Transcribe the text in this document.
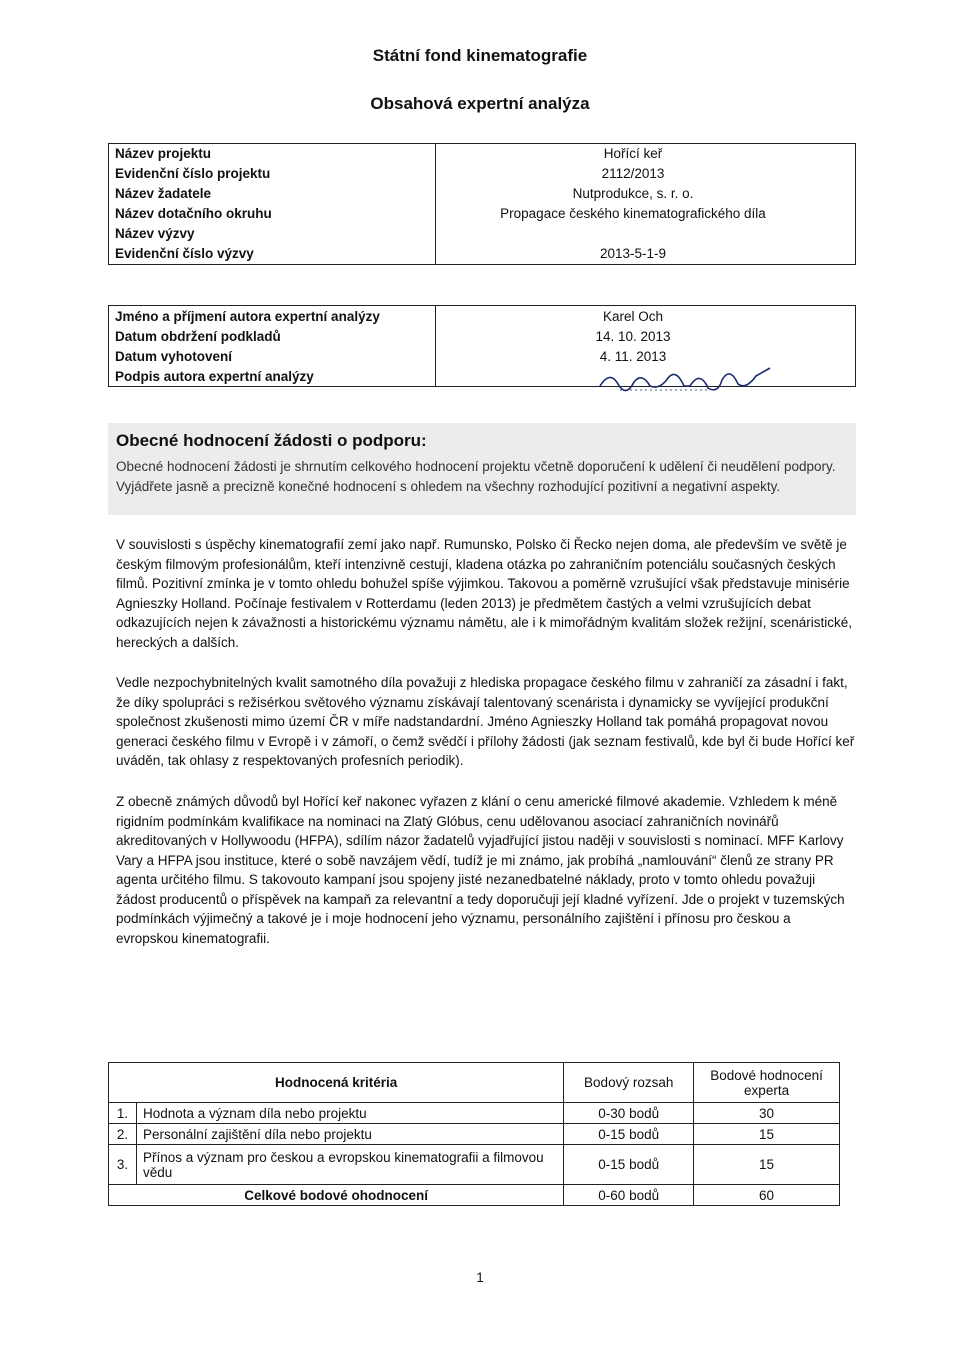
Státní fond kinematografie
Obsahová expertní analýza
Název projektu	Hořící keř
Evidenční číslo projektu	2112/2013
Název žadatele	Nutprodukce, s. r. o.
Název dotačního okruhu	Propagace českého kinematografického díla
Název výzvy
Evidenční číslo výzvy	2013-5-1-9
Jméno a příjmení autora expertní analýzy	Karel Och
Datum obdržení podkladů	14. 10. 2013
Datum vyhotovení	4. 11. 2013
Podpis autora expertní analýzy
Obecné hodnocení žádosti o podporu:
Obecné hodnocení žádosti je shrnutím celkového hodnocení projektu včetně doporučení k udělení či neudělení podpory. Vyjádřete jasně a precizně konečné hodnocení s ohledem na všechny rozhodující pozitivní a negativní aspekty.
V souvislosti s úspěchy kinematografií zemí jako např. Rumunsko, Polsko či Řecko nejen doma, ale především ve světě je českým filmovým profesionálům, kteří intenzivně cestují, kladena otázka po zahraničním potenciálu současných českých filmů. Pozitivní zmínka je v tomto ohledu bohužel spíše výjimkou. Takovou a poměrně vzrušující však představuje minisérie Agnieszky Holland. Počínaje festivalem v Rotterdamu (leden 2013) je předmětem častých a velmi vzrušujících debat odkazujících nejen k závažnosti a historickému významu námětu, ale i k mimořádným kvalitám složek režijní, scenáristické, hereckých a dalších.
Vedle nezpochybnitelných kvalit samotného díla považuji z hlediska propagace českého filmu v zahraničí za zásadní i fakt, že díky spolupráci s režisérkou světového významu získávají talentovaný scenárista i dynamicky se vyvíjející produkční společnost zkušenosti mimo území ČR v míře nadstandardní. Jméno Agnieszky Holland tak pomáhá propagovat novou generaci českého filmu v Evropě i v zámoří, o čemž svědčí i přílohy žádosti (jak seznam festivalů, kde byl či bude Hořící keř uváděn, tak ohlasy z respektovaných profesních periodik).
Z obecně známých důvodů byl Hořící keř nakonec vyřazen z klání o cenu americké filmové akademie. Vzhledem k méně rigidním podmínkám kvalifikace na nominaci na Zlatý Glóbus, cenu udělovanou asociací zahraničních novinářů akreditovaných v Hollywoodu (HFPA), sdílím názor žadatelů vyjadřující jistou naději v souvislosti s nominací. MFF Karlovy Vary a HFPA jsou instituce, které o sobě navzájem vědí, tudíž je mi známo, jak probíhá „namlouvání“ členů ze strany PR agenta určitého filmu. S takovouto kampaní jsou spojeny jisté nezanedbatelné náklady, proto v tomto ohledu považuji žádost producentů o příspěvek na kampaň za relevantní a tedy doporučuji její kladné vyřízení. Jde o projekt v tuzemských podmínkách výjimečný a takové je i moje hodnocení jeho významu, personálního zajištění i přínosu pro českou a evropskou kinematografii.
Hodnocená kritéria		Bodový rozsah	Bodové hodnocení experta
1.	Hodnota a význam díla nebo projektu	0-30 bodů	30
2.	Personální zajištění díla nebo projektu	0-15 bodů	15
3.	Přínos a význam pro českou a evropskou kinematografii a filmovou vědu	0-15 bodů	15
Celkové bodové ohodnocení		0-60 bodů	60
1
